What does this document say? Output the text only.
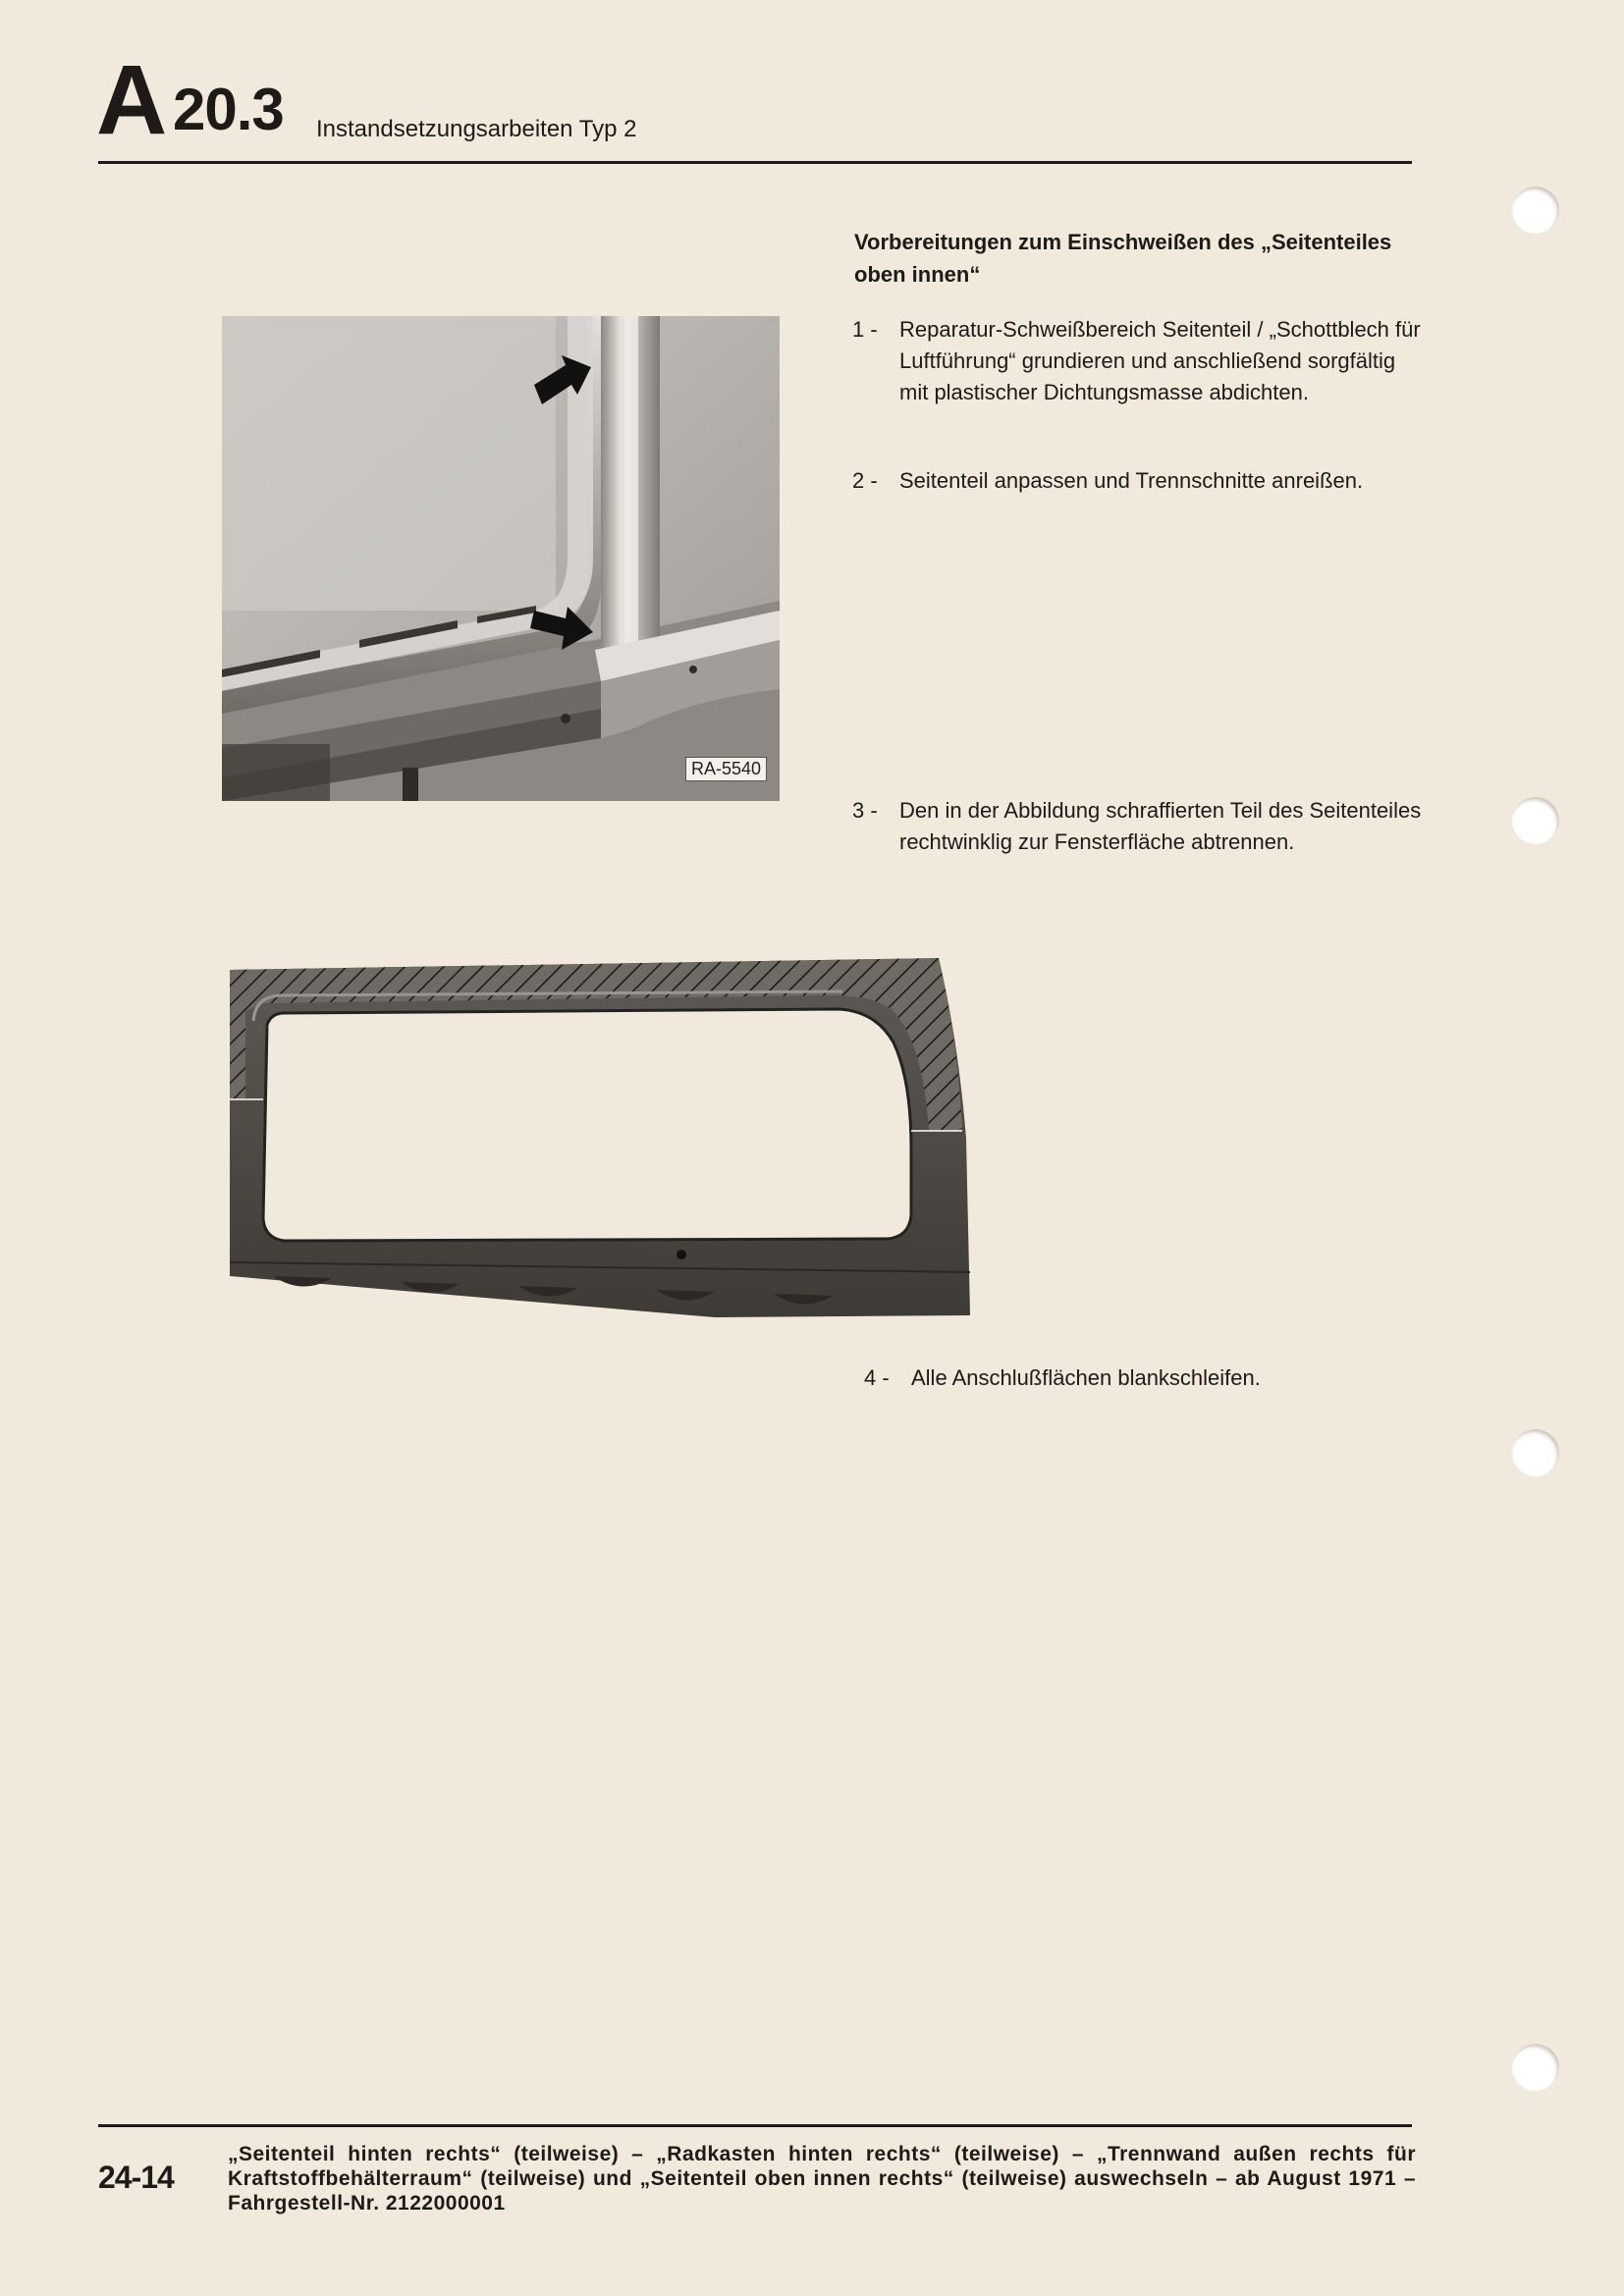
A 20.3 Instandsetzungsarbeiten Typ 2
Vorbereitungen zum Einschweißen des „Seitenteiles oben innen“
RA-5540
1 -	Reparatur-Schweißbereich Seitenteil / „Schottblech für Luftführung“ grundieren und anschließend sorgfältig mit plastischer Dichtungsmasse abdichten.
2 -	Seitenteil anpassen und Trennschnitte anreißen.
3 -	Den in der Abbildung schraffierten Teil des Seitenteiles rechtwinklig zur Fensterfläche abtrennen.
4 -	Alle Anschlußflächen blankschleifen.
24-14
„Seitenteil hinten rechts“ (teilweise) – „Radkasten hinten rechts“ (teilweise) – „Trennwand außen rechts für Kraftstoffbehälterraum“ (teilweise) und „Seitenteil oben innen rechts“ (teilweise) auswechseln – ab August 1971 – Fahrgestell-Nr. 2122000001
